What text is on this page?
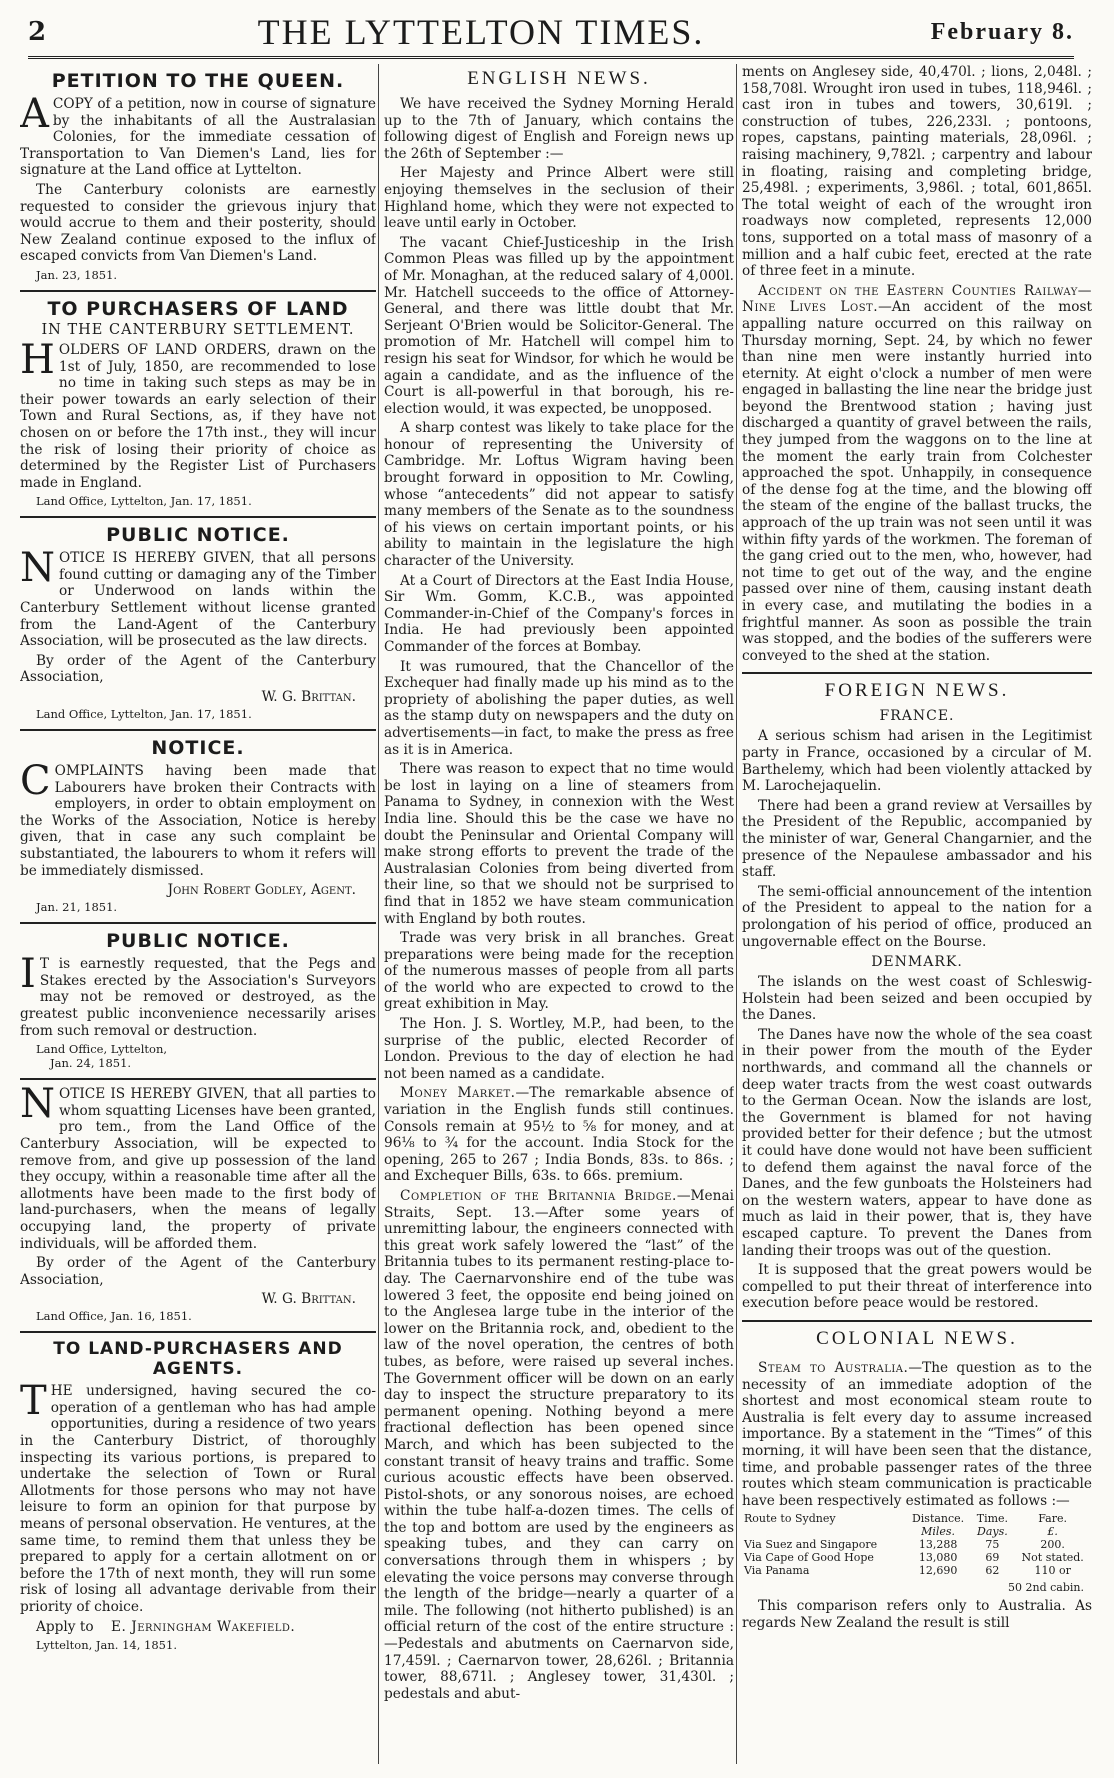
2	THE LYTTELTON TIMES.	February 8.
PETITION TO THE QUEEN.

ACOPY of a petition, now in course of signature by the inhabitants of all the Australasian Colonies, for the immediate cessation of Transportation to Van Diemen's Land, lies for signature at the Land office at Lyttelton.

The Canterbury colonists are earnestly requested to consider the grievous injury that would accrue to them and their posterity, should New Zealand continue exposed to the influx of escaped convicts from Van Diemen's Land.

Jan. 23, 1851.
TO PURCHASERS OF LAND
IN THE CANTERBURY SETTLEMENT.

HOLDERS OF LAND ORDERS, drawn on the 1st of July, 1850, are recommended to lose no time in taking such steps as may be in their power towards an early selection of their Town and Rural Sections, as, if they have not chosen on or before the 17th inst., they will incur the risk of losing their priority of choice as determined by the Register List of Purchasers made in England.

Land Office, Lyttelton, Jan. 17, 1851.
PUBLIC NOTICE.

NOTICE IS HEREBY GIVEN, that all persons found cutting or damaging any of the Timber or Underwood on lands within the Canterbury Settlement without license granted from the Land-Agent of the Canterbury Association, will be prosecuted as the law directs.

By order of the Agent of the Canterbury Association,

W. G. Brittan.
Land Office, Lyttelton, Jan. 17, 1851.
NOTICE.

COMPLAINTS having been made that Labourers have broken their Contracts with employers, in order to obtain employment on the Works of the Association, Notice is hereby given, that in case any such complaint be substantiated, the labourers to whom it refers will be immediately dismissed.

John Robert Godley, Agent.
Jan. 21, 1851.
PUBLIC NOTICE.

IT is earnestly requested, that the Pegs and Stakes erected by the Association's Surveyors may not be removed or destroyed, as the greatest public inconvenience necessarily arises from such removal or destruction.

Land Office, Lyttelton,
Jan. 24, 1851.

NOTICE IS HEREBY GIVEN, that all parties to whom squatting Licenses have been granted, pro tem., from the Land Office of the Canterbury Association, will be expected to remove from, and give up possession of the land they occupy, within a reasonable time after all the allotments have been made to the first body of land-purchasers, when the means of legally occupying land, the property of private individuals, will be afforded them.

By order of the Agent of the Canterbury Association,

W. G. Brittan.
Land Office, Jan. 16, 1851.
TO LAND-PURCHASERS AND AGENTS.

THE undersigned, having secured the co-operation of a gentleman who has had ample opportunities, during a residence of two years in the Canterbury District, of thoroughly inspecting its various portions, is prepared to undertake the selection of Town or Rural Allotments for those persons who may not have leisure to form an opinion for that purpose by means of personal observation. He ventures, at the same time, to remind them that unless they be prepared to apply for a certain allotment on or before the 17th of next month, they will run some risk of losing all advantage derivable from their priority of choice.

Apply to E. Jerningham Wakefield.

Lyttelton, Jan. 14, 1851.
ENGLISH NEWS.

We have received the Sydney Morning Herald up to the 7th of January, which contains the following digest of English and Foreign news up the 26th of September :—

Her Majesty and Prince Albert were still enjoying themselves in the seclusion of their Highland home, which they were not expected to leave until early in October.

The vacant Chief-Justiceship in the Irish Common Pleas was filled up by the appointment of Mr. Monaghan, at the reduced salary of 4,000l. Mr. Hatchell succeeds to the office of Attorney-General, and there was little doubt that Mr. Serjeant O'Brien would be Solicitor-General. The promotion of Mr. Hatchell will compel him to resign his seat for Windsor, for which he would be again a candidate, and as the influence of the Court is all-powerful in that borough, his re-election would, it was expected, be unopposed.

A sharp contest was likely to take place for the honour of representing the University of Cambridge. Mr. Loftus Wigram having been brought forward in opposition to Mr. Cowling, whose “antecedents” did not appear to satisfy many members of the Senate as to the soundness of his views on certain important points, or his ability to maintain in the legislature the high character of the University.

At a Court of Directors at the East India House, Sir Wm. Gomm, K.C.B., was appointed Commander-in-Chief of the Company's forces in India. He had previously been appointed Commander of the forces at Bombay.

It was rumoured, that the Chancellor of the Exchequer had finally made up his mind as to the propriety of abolishing the paper duties, as well as the stamp duty on newspapers and the duty on advertisements—in fact, to make the press as free as it is in America.

There was reason to expect that no time would be lost in laying on a line of steamers from Panama to Sydney, in connexion with the West India line. Should this be the case we have no doubt the Peninsular and Oriental Company will make strong efforts to prevent the trade of the Australasian Colonies from being diverted from their line, so that we should not be surprised to find that in 1852 we have steam communication with England by both routes.

Trade was very brisk in all branches. Great preparations were being made for the reception of the numerous masses of people from all parts of the world who are expected to crowd to the great exhibition in May.

The Hon. J. S. Wortley, M.P., had been, to the surprise of the public, elected Recorder of London. Previous to the day of election he had not been named as a candidate.

Money Market.—The remarkable absence of variation in the English funds still continues. Consols remain at 95½ to ⅝ for money, and at 96⅛ to ¾ for the account. India Stock for the opening, 265 to 267 ; India Bonds, 83s. to 86s. ; and Exchequer Bills, 63s. to 66s. premium.

Completion of the Britannia Bridge.—Menai Straits, Sept. 13.—After some years of unremitting labour, the engineers connected with this great work safely lowered the “last” of the Britannia tubes to its permanent resting-place to-day. The Caernarvonshire end of the tube was lowered 3 feet, the opposite end being joined on to the Anglesea large tube in the interior of the lower on the Britannia rock, and, obedient to the law of the novel operation, the centres of both tubes, as before, were raised up several inches. The Government officer will be down on an early day to inspect the structure preparatory to its permanent opening. Nothing beyond a mere fractional deflection has been opened since March, and which has been subjected to the constant transit of heavy trains and traffic. Some curious acoustic effects have been observed. Pistol-shots, or any sonorous noises, are echoed within the tube half-a-dozen times. The cells of the top and bottom are used by the engineers as speaking tubes, and they can carry on conversations through them in whispers ; by elevating the voice persons may converse through the length of the bridge—nearly a quarter of a mile. The following (not hitherto published) is an official return of the cost of the entire structure :—Pedestals and abutments on Caernarvon side, 17,459l. ; Caernarvon tower, 28,626l. ; Britannia tower, 88,671l. ; Anglesey tower, 31,430l. ; pedestals and abut-

ments on Anglesey side, 40,470l. ; lions, 2,048l. ; 158,708l. Wrought iron used in tubes, 118,946l. ; cast iron in tubes and towers, 30,619l. ; construction of tubes, 226,233l. ; pontoons, ropes, capstans, painting materials, 28,096l. ; raising machinery, 9,782l. ; carpentry and labour in floating, raising and completing bridge, 25,498l. ; experiments, 3,986l. ; total, 601,865l. The total weight of each of the wrought iron roadways now completed, represents 12,000 tons, supported on a total mass of masonry of a million and a half cubic feet, erected at the rate of three feet in a minute.

Accident on the Eastern Counties Railway—Nine Lives Lost.—An accident of the most appalling nature occurred on this railway on Thursday morning, Sept. 24, by which no fewer than nine men were instantly hurried into eternity. At eight o'clock a number of men were engaged in ballasting the line near the bridge just beyond the Brentwood station ; having just discharged a quantity of gravel between the rails, they jumped from the waggons on to the line at the moment the early train from Colchester approached the spot. Unhappily, in consequence of the dense fog at the time, and the blowing off the steam of the engine of the ballast trucks, the approach of the up train was not seen until it was within fifty yards of the workmen. The foreman of the gang cried out to the men, who, however, had not time to get out of the way, and the engine passed over nine of them, causing instant death in every case, and mutilating the bodies in a frightful manner. As soon as possible the train was stopped, and the bodies of the sufferers were conveyed to the shed at the station.

FOREIGN NEWS.
FRANCE.

A serious schism had arisen in the Legitimist party in France, occasioned by a circular of M. Barthelemy, which had been violently attacked by M. Larochejaquelin.

There had been a grand review at Versailles by the President of the Republic, accompanied by the minister of war, General Changarnier, and the presence of the Nepaulese ambassador and his staff.

The semi-official announcement of the intention of the President to appeal to the nation for a prolongation of his period of office, produced an ungovernable effect on the Bourse.

DENMARK.

The islands on the west coast of Schleswig-Holstein had been seized and been occupied by the Danes.

The Danes have now the whole of the sea coast in their power from the mouth of the Eyder northwards, and command all the channels or deep water tracts from the west coast outwards to the German Ocean. Now the islands are lost, the Government is blamed for not having provided better for their defence ; but the utmost it could have done would not have been sufficient to defend them against the naval force of the Danes, and the few gunboats the Holsteiners had on the western waters, appear to have done as much as laid in their power, that is, they have escaped capture. To prevent the Danes from landing their troops was out of the question.

It is supposed that the great powers would be compelled to put their threat of interference into execution before peace would be restored.

COLONIAL NEWS.

Steam to Australia.—The question as to the necessity of an immediate adoption of the shortest and most economical steam route to Australia is felt every day to assume increased importance. By a statement in the “Times” of this morning, it will have been seen that the distance, time, and probable passenger rates of the three routes which steam communication is practicable have been respectively estimated as follows :—

Route to Sydney	Distance.	Time.	Fare.
	Miles.	Days.	£.
Via Suez and Singapore	13,288	75	200.
Via Cape of Good Hope	13,080	69	Not stated.
Via Panama	12,690	62	110 or
50 2nd cabin.

This comparison refers only to Australia. As regards New Zealand the result is still
